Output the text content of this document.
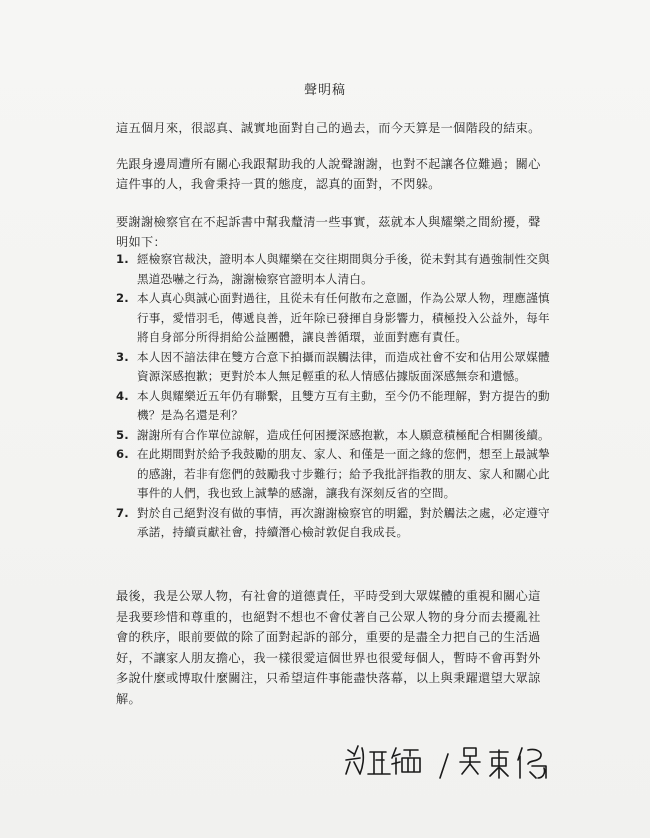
聲明稿

這五個月來，很認真、誠實地面對自己的過去，而今天算是一個階段的結束。

先跟身邊周遭所有關心我跟幫助我的人說聲謝謝，也對不起讓各位難過；關心這件事的人，我會秉持一貫的態度，認真的面對，不閃躲。

要謝謝檢察官在不起訴書中幫我釐清一些事實，茲就本人與耀樂之間紛擾，聲明如下：

1. 經檢察官裁決，證明本人與耀樂在交往期間與分手後，從未對其有過強制性交與黑道恐嚇之行為，謝謝檢察官證明本人清白。
2. 本人真心與誠心面對過往，且從未有任何散布之意圖，作為公眾人物，理應謹慎行事，愛惜羽毛，傳遞良善，近年除已發揮自身影響力，積極投入公益外，每年將自身部分所得捐給公益團體，讓良善循環，並面對應有責任。
3. 本人因不諳法律在雙方合意下拍攝而誤觸法律，而造成社會不安和佔用公眾媒體資源深感抱歉；更對於本人無足輕重的私人情感佔據版面深感無奈和遺憾。
4. 本人與耀樂近五年仍有聯繫，且雙方互有主動，至今仍不能理解，對方提告的動機？是為名還是利？
5. 謝謝所有合作單位諒解，造成任何困擾深感抱歉，本人願意積極配合相關後續。
6. 在此期間對於給予我鼓勵的朋友、家人、和僅是一面之緣的您們，想至上最誠摯的感謝，若非有您們的鼓勵我寸步難行；給予我批評指教的朋友、家人和關心此事件的人們，我也致上誠摯的感謝，讓我有深刻反省的空間。
7. 對於自己絕對沒有做的事情，再次謝謝檢察官的明鑑，對於觸法之處，必定遵守承諾，持續貢獻社會，持續潛心檢討敦促自我成長。

最後，我是公眾人物，有社會的道德責任，平時受到大眾媒體的重視和關心這是我要珍惜和尊重的，也絕對不想也不會仗著自己公眾人物的身分而去擾亂社會的秩序，眼前要做的除了面對起訴的部分，重要的是盡全力把自己的生活過好，不讓家人朋友擔心，我一樣很愛這個世界也很愛每個人，暫時不會再對外多說什麼或博取什麼關注，只希望這件事能盡快落幕，以上與秉躍還望大眾諒解。
